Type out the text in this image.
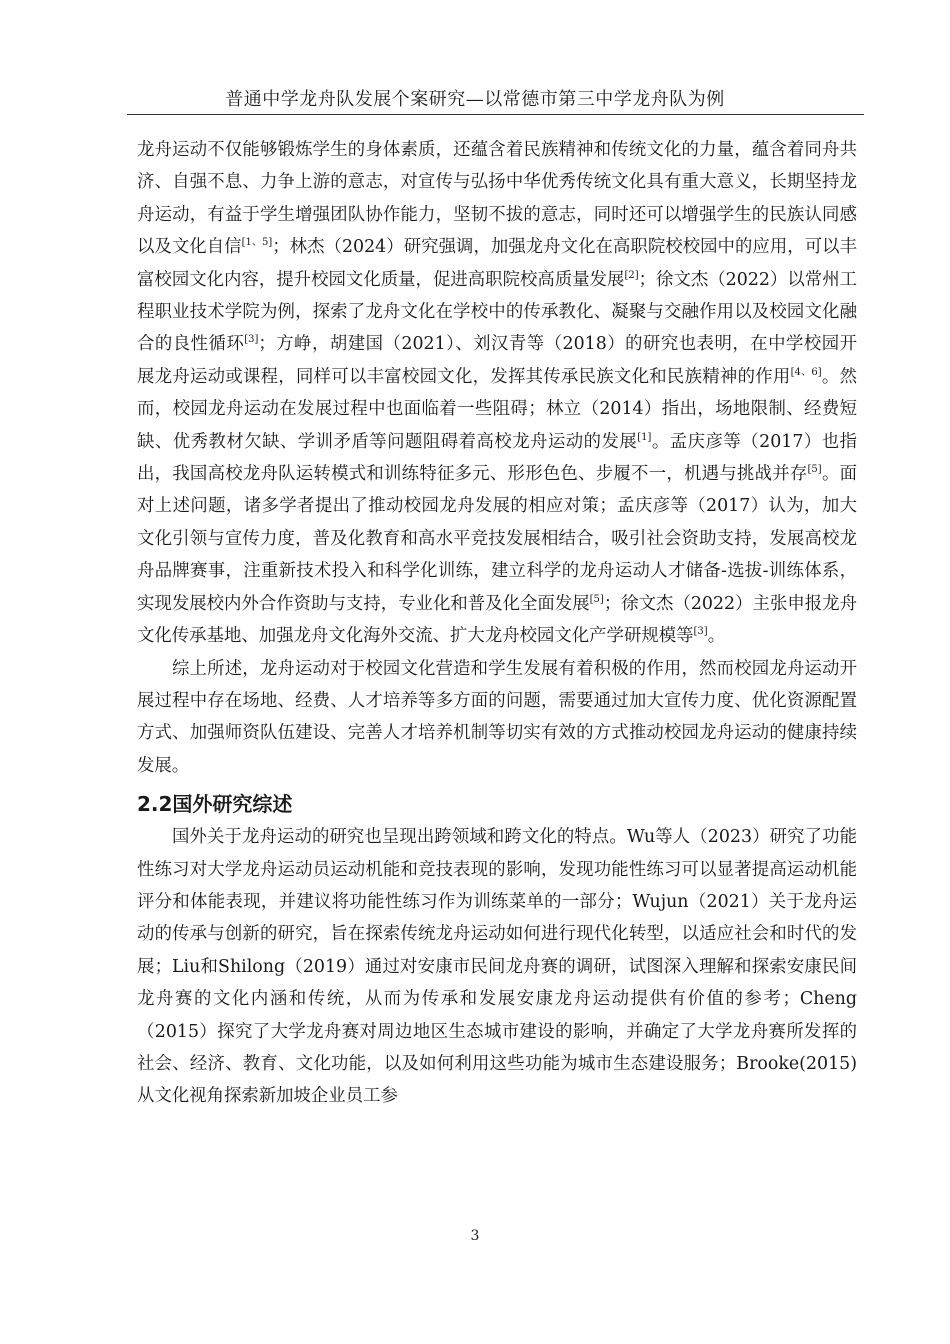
普通中学龙舟队发展个案研究—以常德市第三中学龙舟队为例

龙舟运动不仅能够锻炼学生的身体素质，还蕴含着民族精神和传统文化的力量，蕴含着同舟共济、自强不息、力争上游的意志，对宣传与弘扬中华优秀传统文化具有重大意义，长期坚持龙舟运动，有益于学生增强团队协作能力，坚韧不拔的意志，同时还可以增强学生的民族认同感以及文化自信[1、5]；林杰（2024）研究强调，加强龙舟文化在高职院校校园中的应用，可以丰富校园文化内容，提升校园文化质量，促进高职院校高质量发展[2]；徐文杰（2022）以常州工程职业技术学院为例，探索了龙舟文化在学校中的传承教化、凝聚与交融作用以及校园文化融合的良性循环[3]；方峥，胡建国（2021）、刘汉青等（2018）的研究也表明，在中学校园开展龙舟运动或课程，同样可以丰富校园文化，发挥其传承民族文化和民族精神的作用[4、6]。然而，校园龙舟运动在发展过程中也面临着一些阻碍；林立（2014）指出，场地限制、经费短缺、优秀教材欠缺、学训矛盾等问题阻碍着高校龙舟运动的发展[1]。孟庆彦等（2017）也指出，我国高校龙舟队运转模式和训练特征多元、形形色色、步履不一，机遇与挑战并存[5]。面对上述问题，诸多学者提出了推动校园龙舟发展的相应对策；孟庆彦等（2017）认为，加大文化引领与宣传力度，普及化教育和高水平竞技发展相结合，吸引社会资助支持，发展高校龙舟品牌赛事，注重新技术投入和科学化训练，建立科学的龙舟运动人才储备-选拔-训练体系，实现发展校内外合作资助与支持，专业化和普及化全面发展[5]；徐文杰（2022）主张申报龙舟文化传承基地、加强龙舟文化海外交流、扩大龙舟校园文化产学研规模等[3]。

综上所述，龙舟运动对于校园文化营造和学生发展有着积极的作用，然而校园龙舟运动开展过程中存在场地、经费、人才培养等多方面的问题，需要通过加大宣传力度、优化资源配置方式、加强师资队伍建设、完善人才培养机制等切实有效的方式推动校园龙舟运动的健康持续发展。

2.2国外研究综述

国外关于龙舟运动的研究也呈现出跨领域和跨文化的特点。Wu等人（2023）研究了功能性练习对大学龙舟运动员运动机能和竞技表现的影响，发现功能性练习可以显著提高运动机能评分和体能表现，并建议将功能性练习作为训练菜单的一部分；Wujun（2021）关于龙舟运动的传承与创新的研究，旨在探索传统龙舟运动如何进行现代化转型，以适应社会和时代的发展；Liu和Shilong（2019）通过对安康市民间龙舟赛的调研，试图深入理解和探索安康民间龙舟赛的文化内涵和传统，从而为传承和发展安康龙舟运动提供有价值的参考；Cheng（2015）探究了大学龙舟赛对周边地区生态城市建设的影响，并确定了大学龙舟赛所发挥的社会、经济、教育、文化功能，以及如何利用这些功能为城市生态建设服务；Brooke(2015)从文化视角探索新加坡企业员工参

3
